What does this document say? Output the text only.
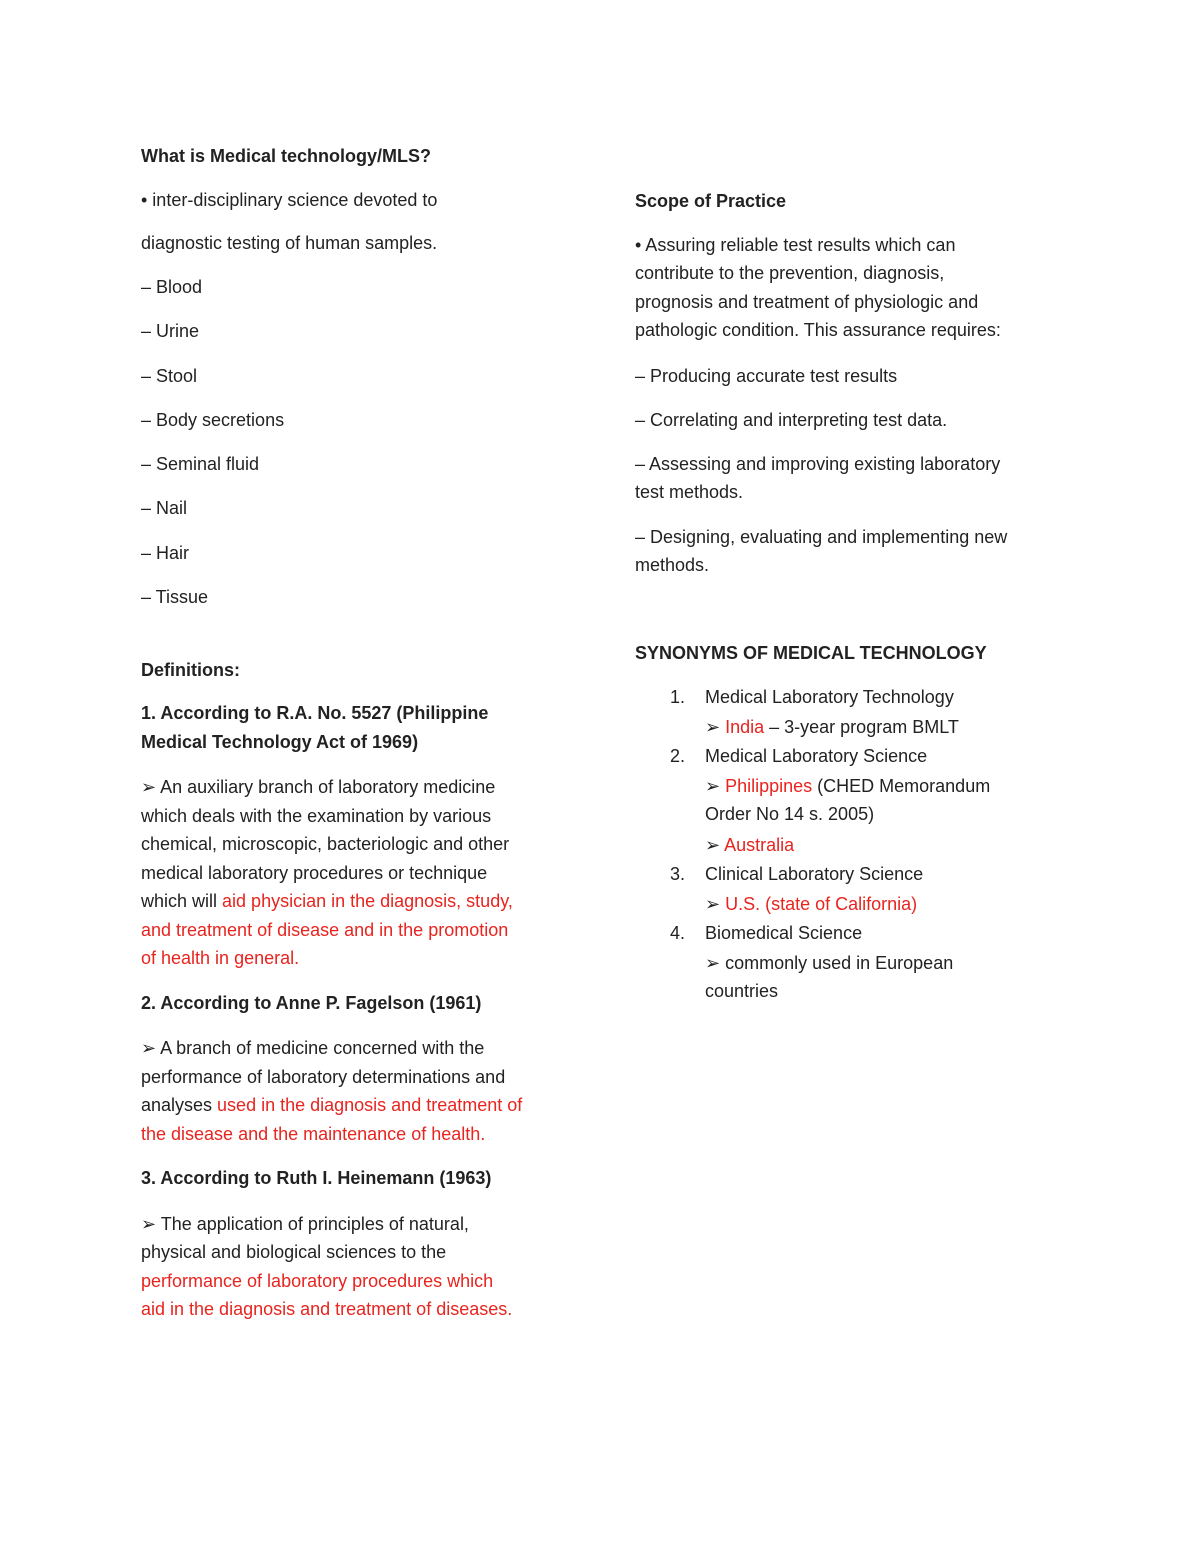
What is Medical technology/MLS?

• inter-disciplinary science devoted to

diagnostic testing of human samples.

– Blood

– Urine

– Stool

– Body secretions

– Seminal fluid

– Nail

– Hair

– Tissue

Definitions:

1. According to R.A. No. 5527 (Philippine

Medical Technology Act of 1969)

➢ An auxiliary branch of laboratory medicine

which deals with the examination by various

chemical, microscopic, bacteriologic and other

medical laboratory procedures or technique

which will aid physician in the diagnosis, study,

and treatment of disease and in the promotion

of health in general.

2. According to Anne P. Fagelson (1961)

➢ A branch of medicine concerned with the

performance of laboratory determinations and

analyses used in the diagnosis and treatment of

the disease and the maintenance of health.

3. According to Ruth I. Heinemann (1963)

➢ The application of principles of natural,

physical and biological sciences to the

performance of laboratory procedures which

aid in the diagnosis and treatment of diseases.

Scope of Practice

• Assuring reliable test results which can

contribute to the prevention, diagnosis,

prognosis and treatment of physiologic and

pathologic condition. This assurance requires:

– Producing accurate test results

– Correlating and interpreting test data.

– Assessing and improving existing laboratory

test methods.

– Designing, evaluating and implementing new

methods.

SYNONYMS OF MEDICAL TECHNOLOGY

1. Medical Laboratory Technology
➢ India – 3-year program BMLT
2. Medical Laboratory Science
➢ Philippines (CHED Memorandum
Order No 14 s. 2005)
➢ Australia
3. Clinical Laboratory Science
➢ U.S. (state of California)
4. Biomedical Science
➢ commonly used in European
countries
